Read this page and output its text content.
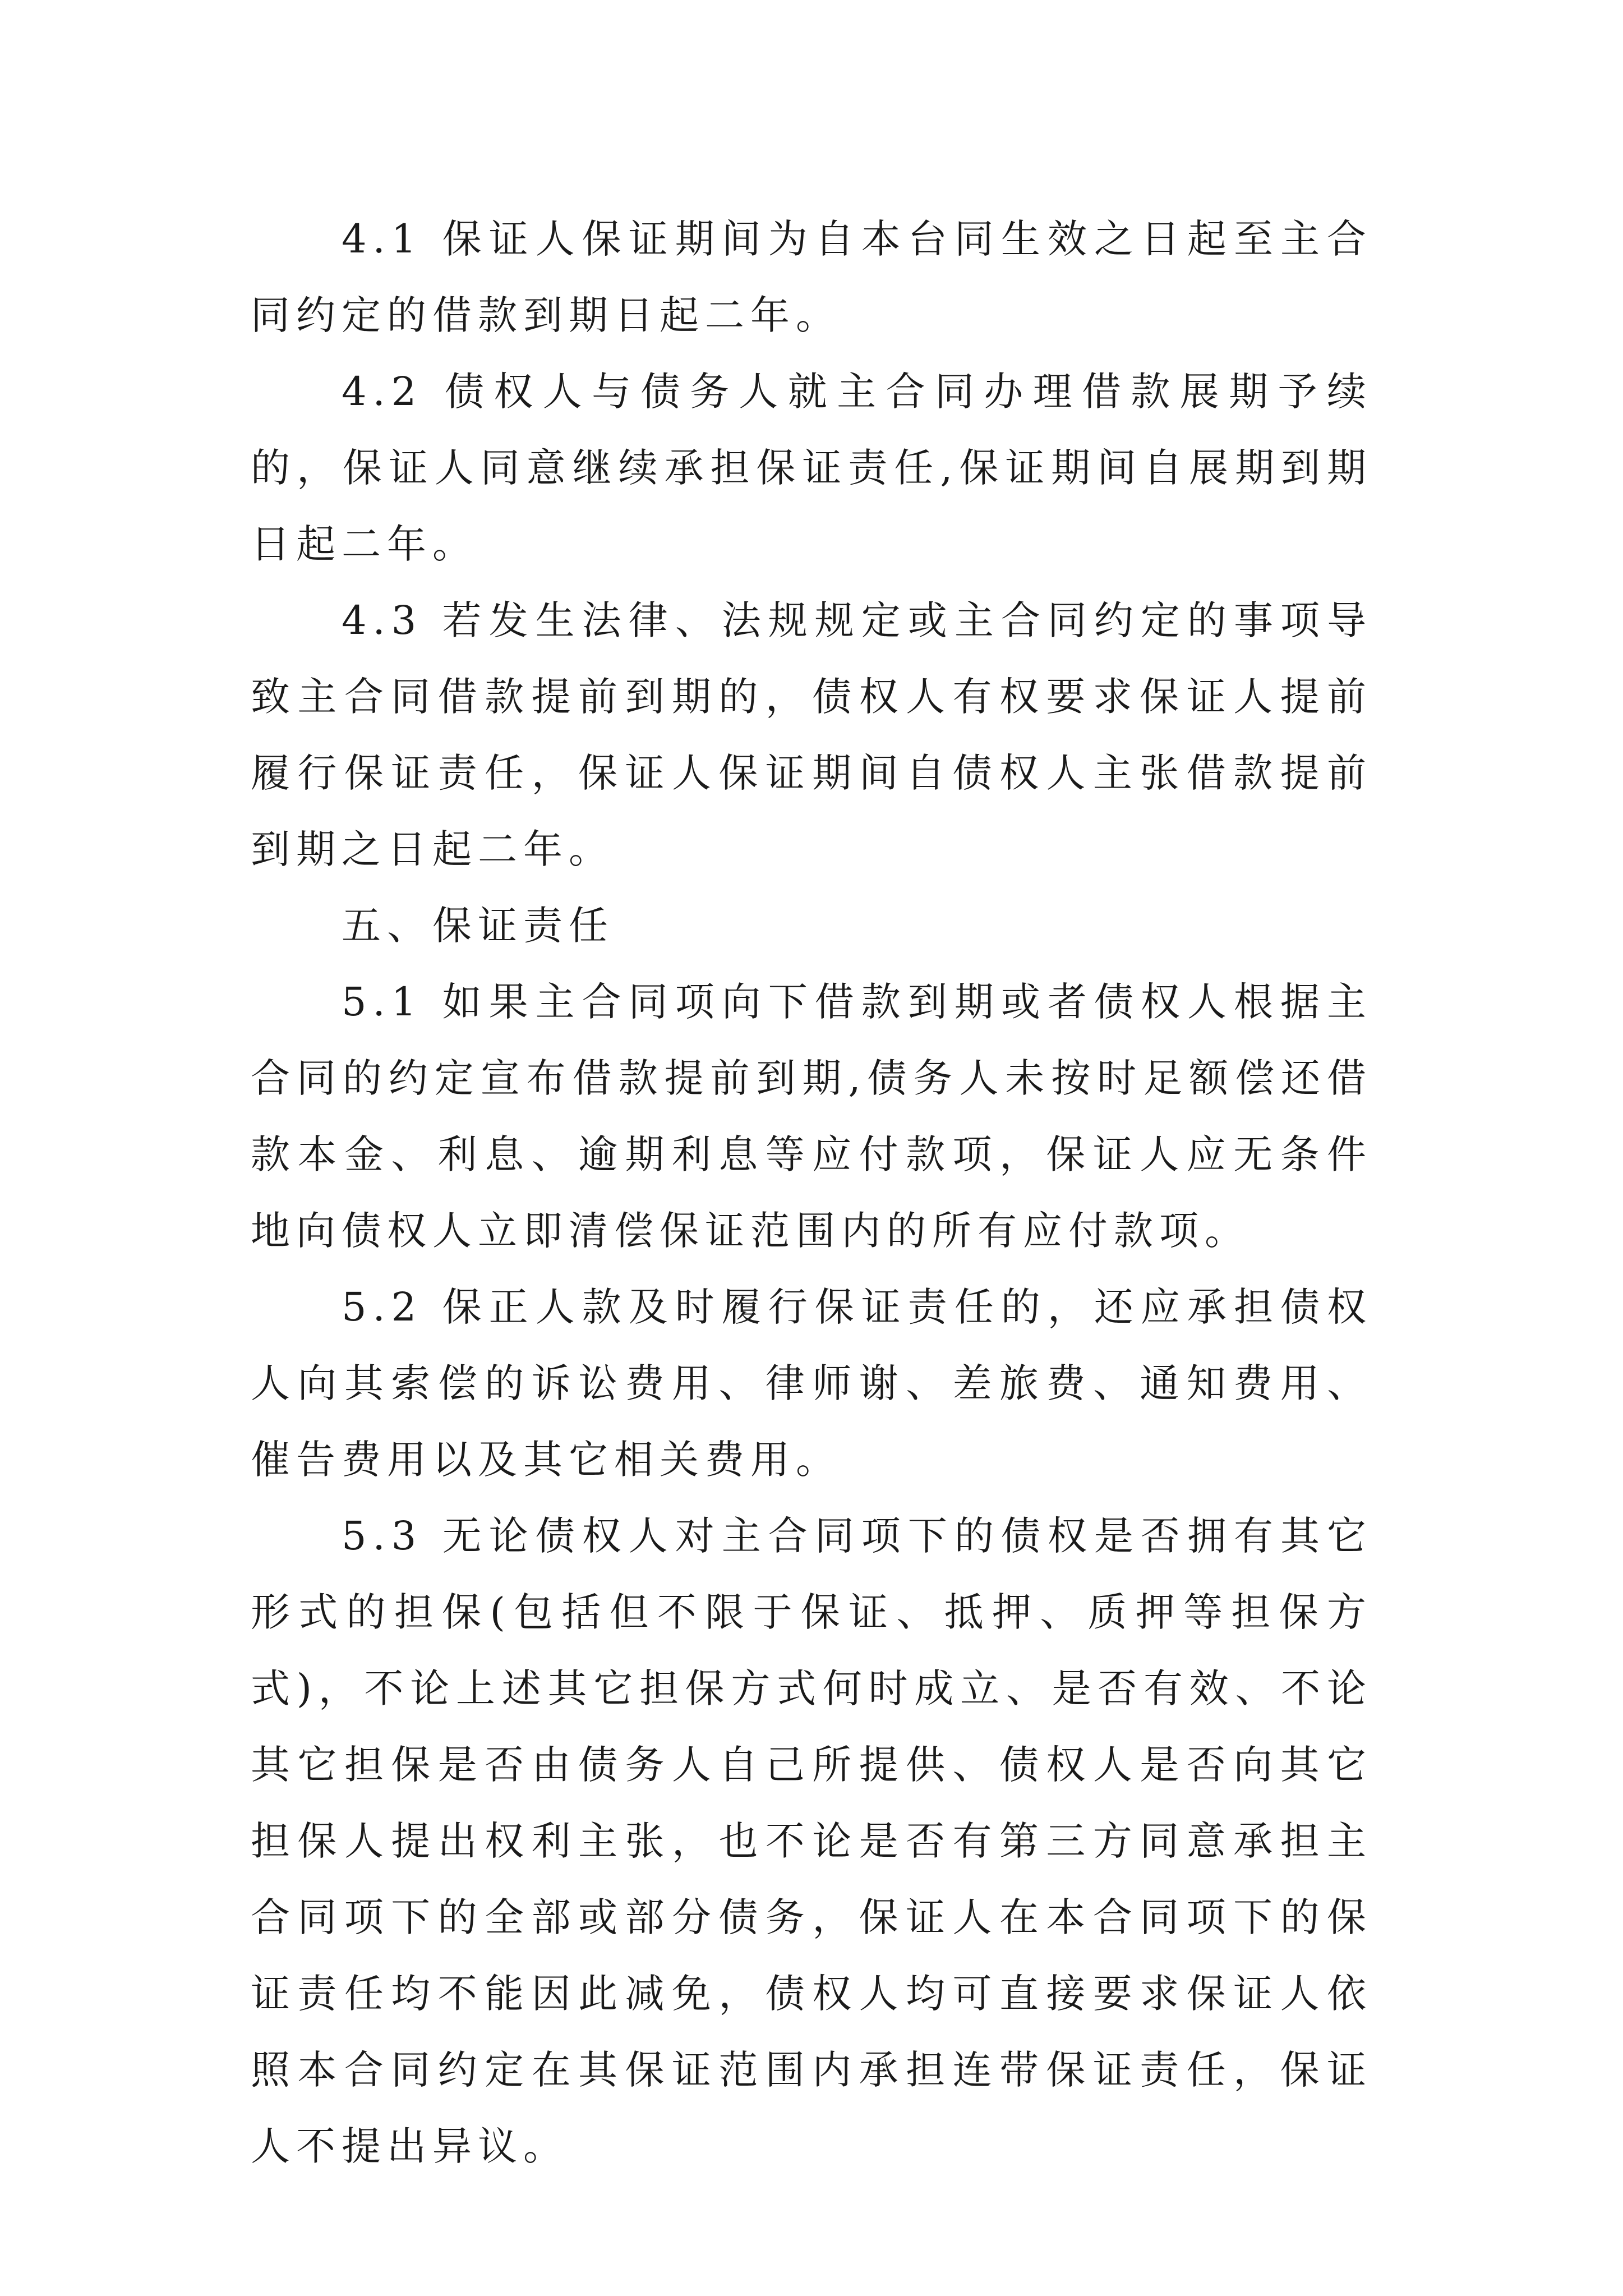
4.1 保证人保证期间为自本台同生效之日起至主合同约定的借款到期日起二年。

4.2 债权人与债务人就主合同办理借款展期予续的，保证人同意继续承担保证责任,保证期间自展期到期日起二年。

4.3 若发生法律、法规规定或主合同约定的事项导致主合同借款提前到期的，债权人有权要求保证人提前履行保证责任，保证人保证期间自债权人主张借款提前到期之日起二年。

五、保证责任

5.1 如果主合同项向下借款到期或者债权人根据主合同的约定宣布借款提前到期,债务人未按时足额偿还借款本金、利息、逾期利息等应付款项，保证人应无条件地向债权人立即清偿保证范围内的所有应付款项。

5.2 保正人款及时履行保证责任的，还应承担债权人向其索偿的诉讼费用、律师谢、差旅费、通知费用、催告费用以及其它相关费用。

5.3 无论债权人对主合同项下的债权是否拥有其它形式的担保(包括但不限于保证、抵押、质押等担保方式)，不论上述其它担保方式何时成立、是否有效、不论其它担保是否由债务人自己所提供、债权人是否向其它担保人提出权利主张，也不论是否有第三方同意承担主合同项下的全部或部分债务，保证人在本合同项下的保证责任均不能因此减免，债权人均可直接要求保证人依照本合同约定在其保证范围内承担连带保证责任，保证人不提出异议。
